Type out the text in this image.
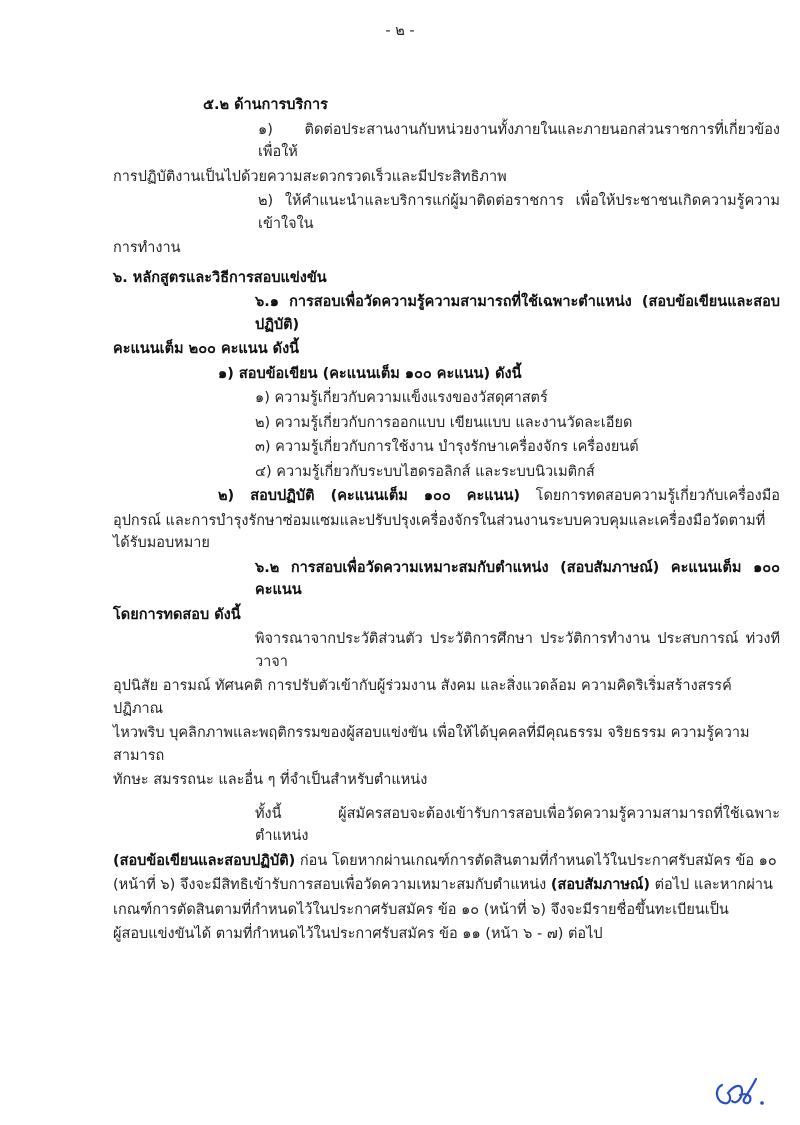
- ๒ -
๕.๒ ด้านการบริการ
๑) ติดต่อประสานงานกับหน่วยงานทั้งภายในและภายนอกส่วนราชการที่เกี่ยวข้อง เพื่อให้
การปฏิบัติงานเป็นไปด้วยความสะดวกรวดเร็วและมีประสิทธิภาพ
๒) ให้คำแนะนำและบริการแก่ผู้มาติดต่อราชการ เพื่อให้ประชาชนเกิดความรู้ความเข้าใจใน
การทำงาน
๖. หลักสูตรและวิธีการสอบแข่งขัน
๖.๑ การสอบเพื่อวัดความรู้ความสามารถที่ใช้เฉพาะตำแหน่ง (สอบข้อเขียนและสอบปฏิบัติ)
คะแนนเต็ม ๒๐๐ คะแนน ดังนี้
๑) สอบข้อเขียน (คะแนนเต็ม ๑๐๐ คะแนน) ดังนี้
๑) ความรู้เกี่ยวกับความแข็งแรงของวัสดุศาสตร์
๒) ความรู้เกี่ยวกับการออกแบบ เขียนแบบ และงานวัดละเอียด
๓) ความรู้เกี่ยวกับการใช้งาน บำรุงรักษาเครื่องจักร เครื่องยนต์
๔) ความรู้เกี่ยวกับระบบไฮดรอลิกส์ และระบบนิวเมติกส์
๒) สอบปฏิบัติ (คะแนนเต็ม ๑๐๐ คะแนน) โดยการทดสอบความรู้เกี่ยวกับเครื่องมือ
อุปกรณ์ และการบำรุงรักษาซ่อมแซมและปรับปรุงเครื่องจักรในส่วนงานระบบควบคุมและเครื่องมือวัดตามที่ได้รับมอบหมาย
๖.๒ การสอบเพื่อวัดความเหมาะสมกับตำแหน่ง (สอบสัมภาษณ์) คะแนนเต็ม ๑๐๐ คะแนน
โดยการทดสอบ ดังนี้
พิจารณาจากประวัติส่วนตัว ประวัติการศึกษา ประวัติการทำงาน ประสบการณ์ ท่วงทีวาจา
อุปนิสัย อารมณ์ ทัศนคติ การปรับตัวเข้ากับผู้ร่วมงาน สังคม และสิ่งแวดล้อม ความคิดริเริ่มสร้างสรรค์ ปฏิภาณ
ไหวพริบ บุคลิกภาพและพฤติกรรมของผู้สอบแข่งขัน เพื่อให้ได้บุคคลที่มีคุณธรรม จริยธรรม ความรู้ความสามารถ
ทักษะ สมรรถนะ และอื่น ๆ ที่จำเป็นสำหรับตำแหน่ง
ทั้งนี้ ผู้สมัครสอบจะต้องเข้ารับการสอบเพื่อวัดความรู้ความสามารถที่ใช้เฉพาะตำแหน่ง
(สอบข้อเขียนและสอบปฏิบัติ) ก่อน โดยหากผ่านเกณฑ์การตัดสินตามที่กำหนดไว้ในประกาศรับสมัคร ข้อ ๑๐
(หน้าที่ ๖) จึงจะมีสิทธิเข้ารับการสอบเพื่อวัดความเหมาะสมกับตำแหน่ง (สอบสัมภาษณ์) ต่อไป และหากผ่าน
เกณฑ์การตัดสินตามที่กำหนดไว้ในประกาศรับสมัคร ข้อ ๑๐ (หน้าที่ ๖) จึงจะมีรายชื่อขึ้นทะเบียนเป็น
ผู้สอบแข่งขันได้ ตามที่กำหนดไว้ในประกาศรับสมัคร ข้อ ๑๑ (หน้า ๖ - ๗) ต่อไป
